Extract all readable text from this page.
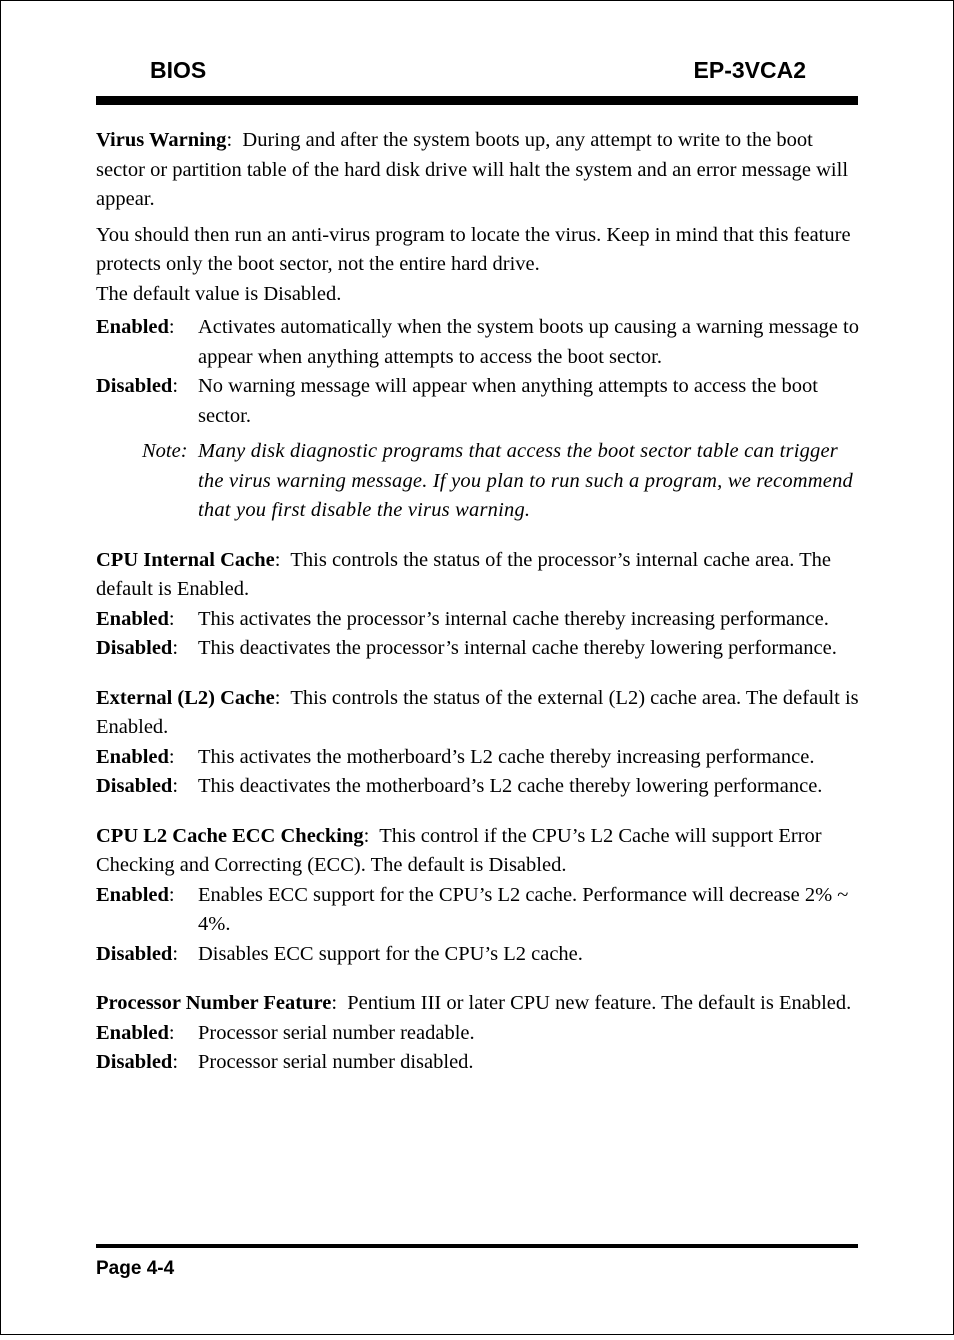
BIOS	EP-3VCA2

Virus Warning:  During and after the system boots up, any attempt to write to the boot sector or partition table of the hard disk drive will halt the system and an error message will appear.

You should then run an anti-virus program to locate the virus. Keep in mind that this feature protects only the boot sector, not the entire hard drive.

The default value is Disabled.

Enabled:	Activates automatically when the system boots up causing a warning message to appear when anything attempts to access the boot sector.
Disabled: No warning message will appear when anything attempts to access the boot sector.
Note: Many disk diagnostic programs that access the boot sector table can trigger the virus warning message. If you plan to run such a program, we recommend that you first disable the virus warning.

CPU Internal Cache:  This controls the status of the processor’s internal cache area. The default is Enabled.

Enabled:	This activates the processor’s internal cache thereby increasing performance.
Disabled: This deactivates the processor’s internal cache thereby lowering performance.

External (L2) Cache:  This controls the status of the external (L2) cache area. The default is Enabled.

Enabled:	This activates the motherboard’s L2 cache thereby increasing performance.
Disabled: This deactivates the motherboard’s L2 cache thereby lowering performance.

CPU L2 Cache ECC Checking:  This control if the CPU’s L2 Cache will support Error Checking and Correcting (ECC). The default is Disabled.

Enabled:	Enables ECC support for the CPU’s L2 cache. Performance will decrease 2% ~ 4%.
Disabled: Disables ECC support for the CPU’s L2 cache.

Processor Number Feature:  Pentium III or later CPU new feature. The default is Enabled.

Enabled:	Processor serial number readable.
Disabled: Processor serial number disabled.
Page 4-4
